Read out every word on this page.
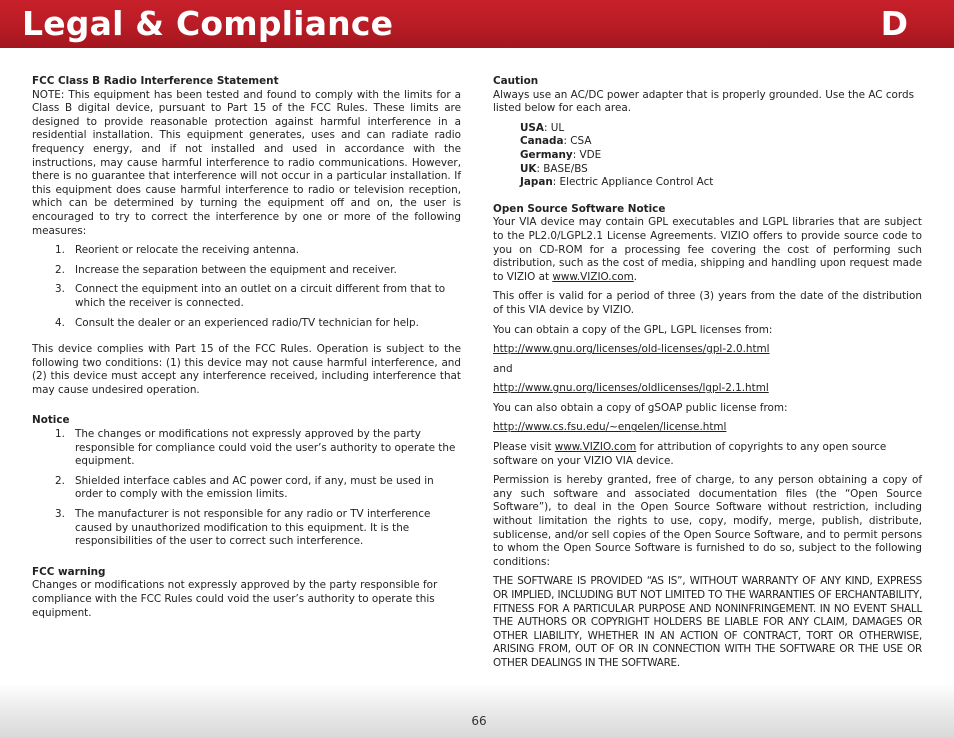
Legal & Compliance	D
FCC Class B Radio Interference Statement
NOTE: This equipment has been tested and found to comply with the limits for a Class B digital device, pursuant to Part 15 of the FCC Rules. These limits are designed to provide reasonable protection against harmful interference in a residential installation. This equipment generates, uses and can radiate radio frequency energy, and if not installed and used in accordance with the instructions, may cause harmful interference to radio communications. However, there is no guarantee that interference will not occur in a particular installation. If this equipment does cause harmful interference to radio or television reception, which can be determined by turning the equipment off and on, the user is encouraged to try to correct the interference by one or more of the following measures:
1. Reorient or relocate the receiving antenna.
2. Increase the separation between the equipment and receiver.
3. Connect the equipment into an outlet on a circuit different from that to which the receiver is connected.
4. Consult the dealer or an experienced radio/TV technician for help.
This device complies with Part 15 of the FCC Rules. Operation is subject to the following two conditions: (1) this device may not cause harmful interference, and (2) this device must accept any interference received, including interference that may cause undesired operation.
Notice
1. The changes or modifications not expressly approved by the party responsible for compliance could void the user’s authority to operate the equipment.
2. Shielded interface cables and AC power cord, if any, must be used in order to comply with the emission limits.
3. The manufacturer is not responsible for any radio or TV interference caused by unauthorized modification to this equipment. It is the responsibilities of the user to correct such interference.
FCC warning
Changes or modifications not expressly approved by the party responsible for compliance with the FCC Rules could void the user’s authority to operate this equipment.
Caution
Always use an AC/DC power adapter that is properly grounded. Use the AC cords listed below for each area.
USA: UL
Canada: CSA
Germany: VDE
UK: BASE/BS
Japan: Electric Appliance Control Act
Open Source Software Notice
Your VIA device may contain GPL executables and LGPL libraries that are subject to the PL2.0/LGPL2.1 License Agreements. VIZIO offers to provide source code to you on CD-ROM for a processing fee covering the cost of performing such distribution, such as the cost of media, shipping and handling upon request made to VIZIO at www.VIZIO.com.
This offer is valid for a period of three (3) years from the date of the distribution of this VIA device by VIZIO.
You can obtain a copy of the GPL, LGPL licenses from:
http://www.gnu.org/licenses/old-licenses/gpl-2.0.html
and
http://www.gnu.org/licenses/oldlicenses/lgpl-2.1.html
You can also obtain a copy of gSOAP public license from:
http://www.cs.fsu.edu/~engelen/license.html
Please visit www.VIZIO.com for attribution of copyrights to any open source software on your VIZIO VIA device.
Permission is hereby granted, free of charge, to any person obtaining a copy of any such software and associated documentation files (the “Open Source Software”), to deal in the Open Source Software without restriction, including without limitation the rights to use, copy, modify, merge, publish, distribute, sublicense, and/or sell copies of the Open Source Software, and to permit persons to whom the Open Source Software is furnished to do so, subject to the following conditions:
THE SOFTWARE IS PROVIDED “AS IS”, WITHOUT WARRANTY OF ANY KIND, EXPRESS OR IMPLIED, INCLUDING BUT NOT LIMITED TO THE WARRANTIES OF ERCHANTABILITY, FITNESS FOR A PARTICULAR PURPOSE AND NONINFRINGEMENT. IN NO EVENT SHALL THE AUTHORS OR COPYRIGHT HOLDERS BE LIABLE FOR ANY CLAIM, DAMAGES OR OTHER LIABILITY, WHETHER IN AN ACTION OF CONTRACT, TORT OR OTHERWISE, ARISING FROM, OUT OF OR IN CONNECTION WITH THE SOFTWARE OR THE USE OR OTHER DEALINGS IN THE SOFTWARE.
66
